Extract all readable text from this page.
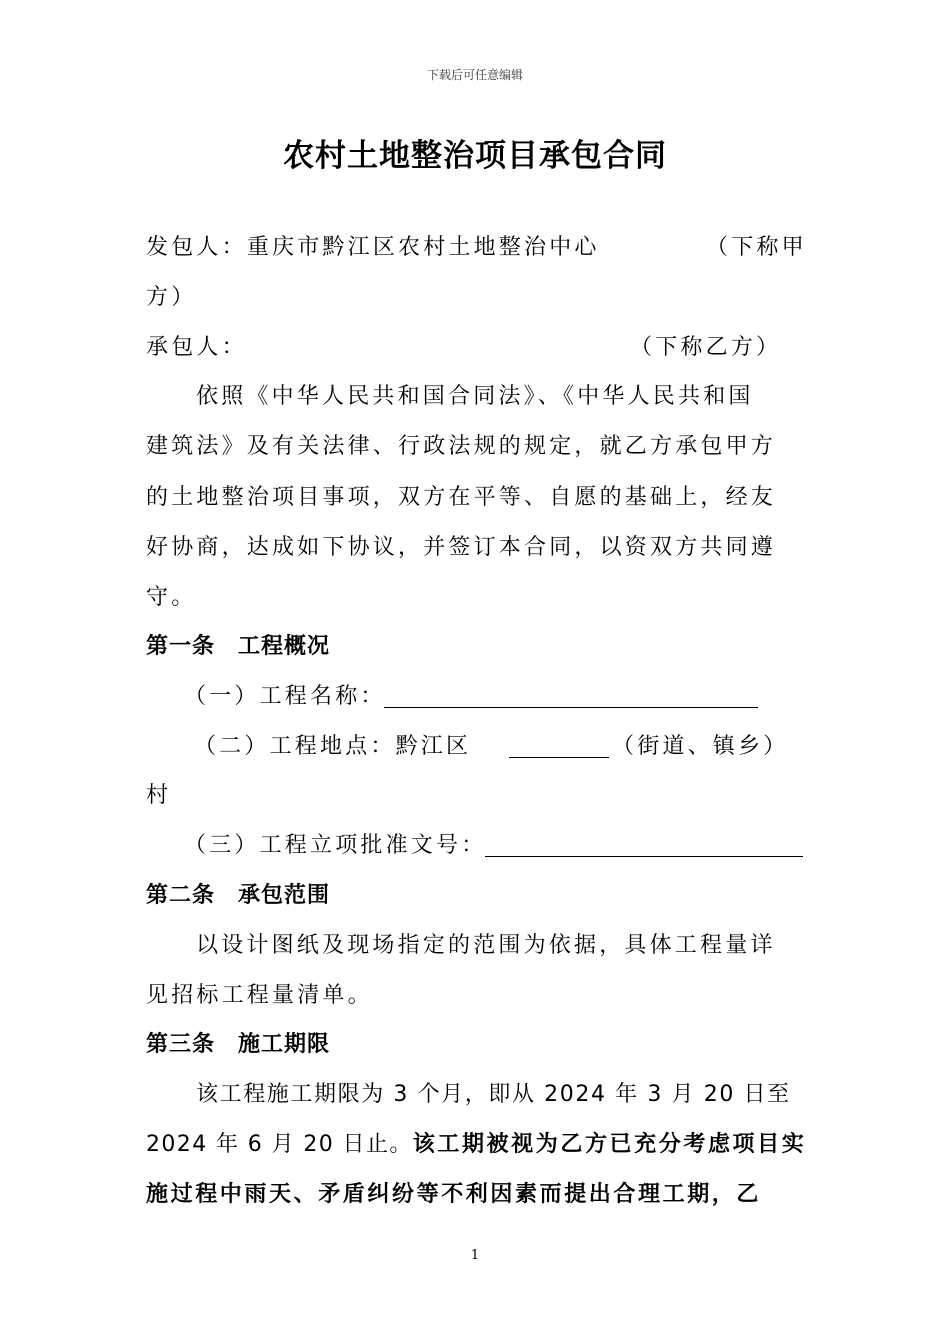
下载后可任意编辑
农村土地整治项目承包合同
发包人：重庆市黔江区农村土地整治中心	（下称甲
方）
承包人：	（下称乙方）
依照《中华人民共和国合同法》、《中华人民共和国
建筑法》及有关法律、行政法规的规定，就乙方承包甲方
的土地整治项目事项，双方在平等、自愿的基础上，经友
好协商，达成如下协议，并签订本合同，以资双方共同遵
守。
第一条　工程概况
（一）工程名称：
（二）工程地点：黔江区	（街道、镇乡）
村
（三）工程立项批准文号：
第二条　承包范围
以设计图纸及现场指定的范围为依据，具体工程量详
见招标工程量清单。
第三条　施工期限
该工程施工期限为 3 个月，即从 2024 年 3 月 20 日至
2024 年 6 月 20 日止。该工期被视为乙方已充分考虑项目实
施过程中雨天、矛盾纠纷等不利因素而提出合理工期，乙
1
